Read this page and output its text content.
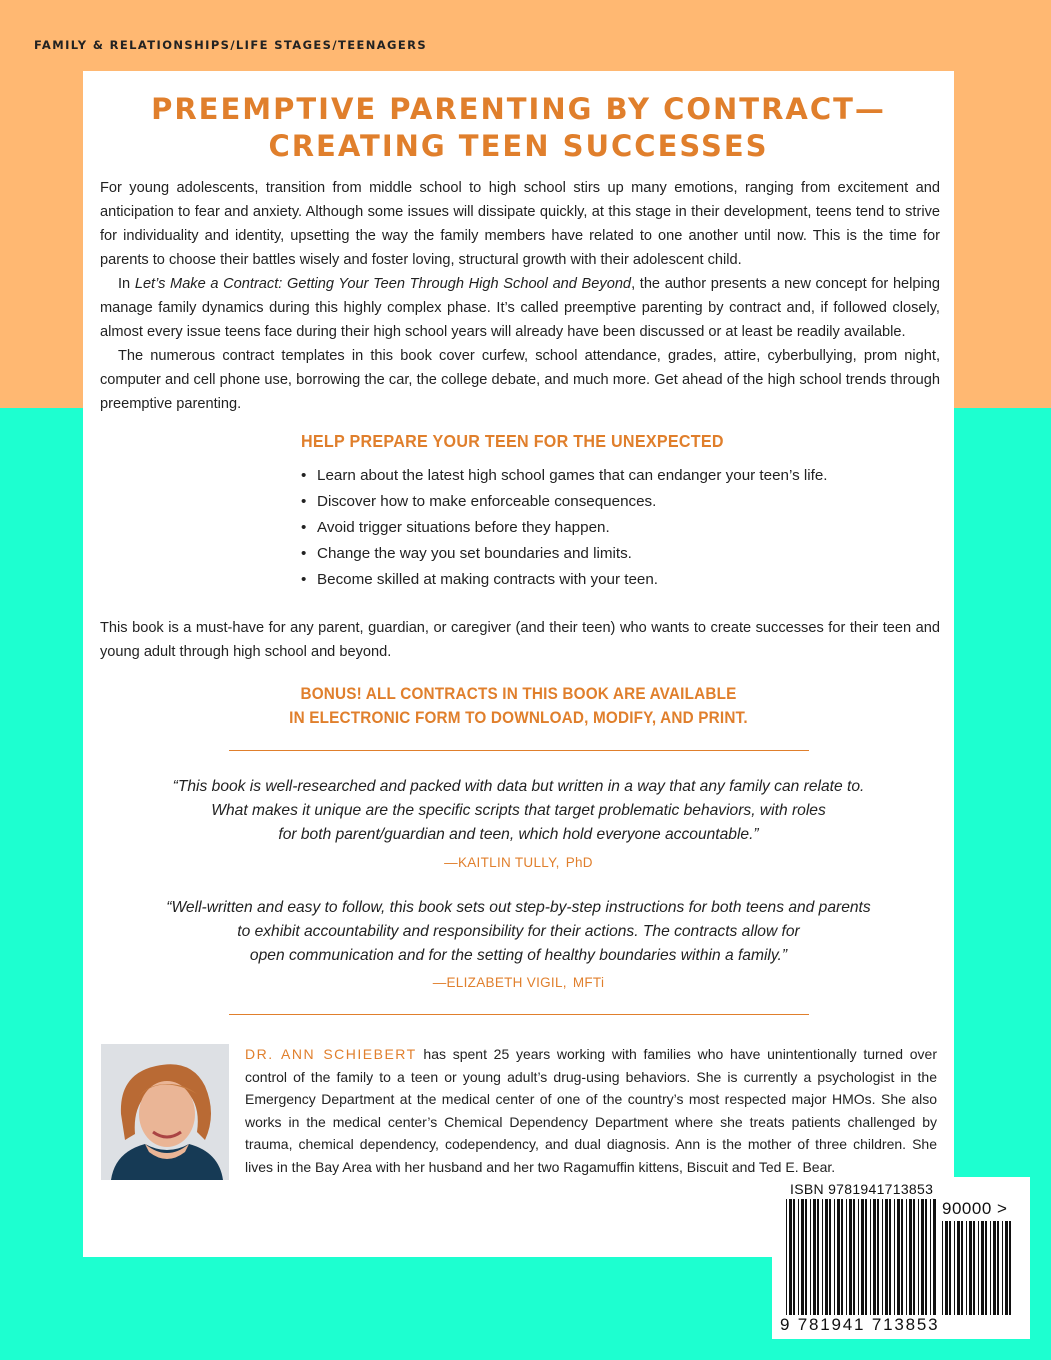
FAMILY & RELATIONSHIPS/LIFE STAGES/TEENAGERS
PREEMPTIVE PARENTING BY CONTRACT—
CREATING TEEN SUCCESSES

For young adolescents, transition from middle school to high school stirs up many emotions, ranging from excitement and anticipation to fear and anxiety. Although some issues will dissipate quickly, at this stage in their development, teens tend to strive for individuality and identity, upsetting the way the family members have related to one another until now. This is the time for parents to choose their battles wisely and foster loving, structural growth with their adolescent child.

In Let’s Make a Contract: Getting Your Teen Through High School and Beyond, the author presents a new concept for helping manage family dynamics during this highly complex phase. It’s called preemptive parenting by contract and, if followed closely, almost every issue teens face during their high school years will already have been discussed or at least be readily available.

The numerous contract templates in this book cover curfew, school attendance, grades, attire, cyberbullying, prom night, computer and cell phone use, borrowing the car, the college debate, and much more. Get ahead of the high school trends through preemptive parenting.

HELP PREPARE YOUR TEEN FOR THE UNEXPECTED
• Learn about the latest high school games that can endanger your teen’s life.
• Discover how to make enforceable consequences.
• Avoid trigger situations before they happen.
• Change the way you set boundaries and limits.
• Become skilled at making contracts with your teen.
This book is a must-have for any parent, guardian, or caregiver (and their teen) who wants to create successes for their teen and young adult through high school and beyond.
BONUS! ALL CONTRACTS IN THIS BOOK ARE AVAILABLE
IN ELECTRONIC FORM TO DOWNLOAD, MODIFY, AND PRINT.
“This book is well-researched and packed with data but written in a way that any family can relate to.
What makes it unique are the specific scripts that target problematic behaviors, with roles
for both parent/guardian and teen, which hold everyone accountable.”
—KAITLIN TULLY, PhD
“Well-written and easy to follow, this book sets out step-by-step instructions for both teens and parents
to exhibit accountability and responsibility for their actions. The contracts allow for
open communication and for the setting of healthy boundaries within a family.”
—ELIZABETH VIGIL, MFTi
DR. ANN SCHIEBERT has spent 25 years working with families who have unintentionally turned over control of the family to a teen or young adult’s drug-using behaviors. She is currently a psychologist in the Emergency Department at the medical center of one of the country’s most respected major HMOs. She also works in the medical center’s Chemical Dependency Department where she treats patients challenged by trauma, chemical dependency, codependency, and dual diagnosis. Ann is the mother of three children. She lives in the Bay Area with her husband and her two Ragamuffin kittens, Biscuit and Ted E. Bear.
ISBN 9781941713853
90000 >
9 781941 713853
